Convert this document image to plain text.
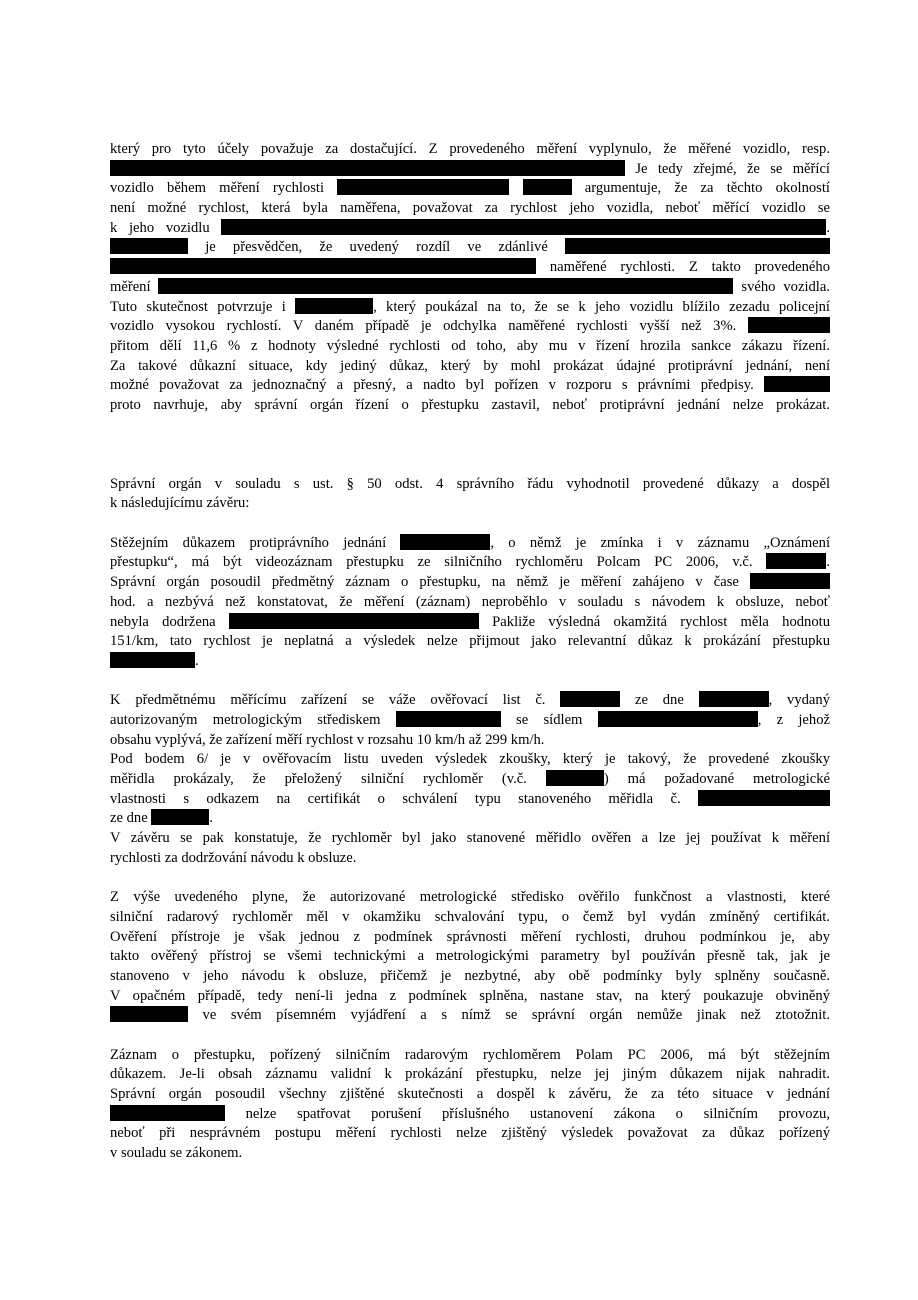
který pro tyto účely považuje za dostačující. Z provedeného měření vyplynulo, že měřené vozidlo, resp.
Je tedy zřejmé, že se měřící
vozidlo během měření rychlosti	argumentuje, že za těchto okolností
není možné rychlost, která byla naměřena, považovat za rychlost jeho vozidla, neboť měřící vozidlo se
k jeho vozidlu	.
je přesvědčen, že uvedený rozdíl ve zdánlivé
naměřené rychlosti. Z takto provedeného
měření	svého vozidla.
Tuto skutečnost potvrzuje i	, který poukázal na to, že se k jeho vozidlu blížilo zezadu policejní
vozidlo vysokou rychlostí. V daném případě je odchylka naměřené rychlosti vyšší než 3%.
přitom dělí 11,6 % z hodnoty výsledné rychlosti od toho, aby mu v řízení hrozila sankce zákazu řízení.
Za takové důkazní situace, kdy jediný důkaz, který by mohl prokázat údajné protiprávní jednání, není
možné považovat za jednoznačný a přesný, a nadto byl pořízen v rozporu s právními předpisy.
proto navrhuje, aby správní orgán řízení o přestupku zastavil, neboť protiprávní jednání nelze prokázat.
Správní orgán v souladu s ust. § 50 odst. 4 správního řádu vyhodnotil provedené důkazy a dospěl
k následujícímu závěru:
Stěžejním důkazem protiprávního jednání	, o němž je zmínka i v záznamu „Oznámení
přestupku“, má být videozáznam přestupku ze silničního rychloměru Polcam PC 2006, v.č.	.
Správní orgán posoudil předmětný záznam o přestupku, na němž je měření zahájeno v čase
hod. a nezbývá než konstatovat, že měření (záznam) neproběhlo v souladu s návodem k obsluze, neboť
nebyla dodržena	Pakliže výsledná okamžitá rychlost měla hodnotu
151/km, tato rychlost je neplatná a výsledek nelze přijmout jako relevantní důkaz k prokázání přestupku
.
K předmětnému měřícímu zařízení se váže ověřovací list č.	ze dne	, vydaný
autorizovaným metrologickým střediskem	se sídlem	, z jehož
obsahu vyplývá, že zařízení měří rychlost v rozsahu 10 km/h až 299 km/h.
Pod bodem 6/ je v ověřovacím listu uveden výsledek zkoušky, který je takový, že provedené zkoušky
měřidla prokázaly, že přeložený silniční rychloměr (v.č.	) má požadované metrologické
vlastnosti s odkazem na certifikát o schválení typu stanoveného měřidla č.
ze dne	.
V závěru se pak konstatuje, že rychloměr byl jako stanovené měřidlo ověřen a lze jej používat k měření
rychlosti za dodržování návodu k obsluze.
Z výše uvedeného plyne, že autorizované metrologické středisko ověřilo funkčnost a vlastnosti, které
silniční radarový rychloměr měl v okamžiku schvalování typu, o čemž byl vydán zmíněný certifikát.
Ověření přístroje je však jednou z podmínek správnosti měření rychlosti, druhou podmínkou je, aby
takto ověřený přístroj se všemi technickými a metrologickými parametry byl používán přesně tak, jak je
stanoveno v jeho návodu k obsluze, přičemž je nezbytné, aby obě podmínky byly splněny současně.
V opačném případě, tedy není-li jedna z podmínek splněna, nastane stav, na který poukazuje obviněný
ve svém písemném vyjádření a s nímž se správní orgán nemůže jinak než ztotožnit.
Záznam o přestupku, pořízený silničním radarovým rychloměrem Polam PC 2006, má být stěžejním
důkazem. Je-li obsah záznamu validní k prokázání přestupku, nelze jej jiným důkazem nijak nahradit.
Správní orgán posoudil všechny zjištěné skutečnosti a dospěl k závěru, že za této situace v jednání
nelze spatřovat porušení příslušného ustanovení zákona o silničním provozu,
neboť při nesprávném postupu měření rychlosti nelze zjištěný výsledek považovat za důkaz pořízený
v souladu se zákonem.
